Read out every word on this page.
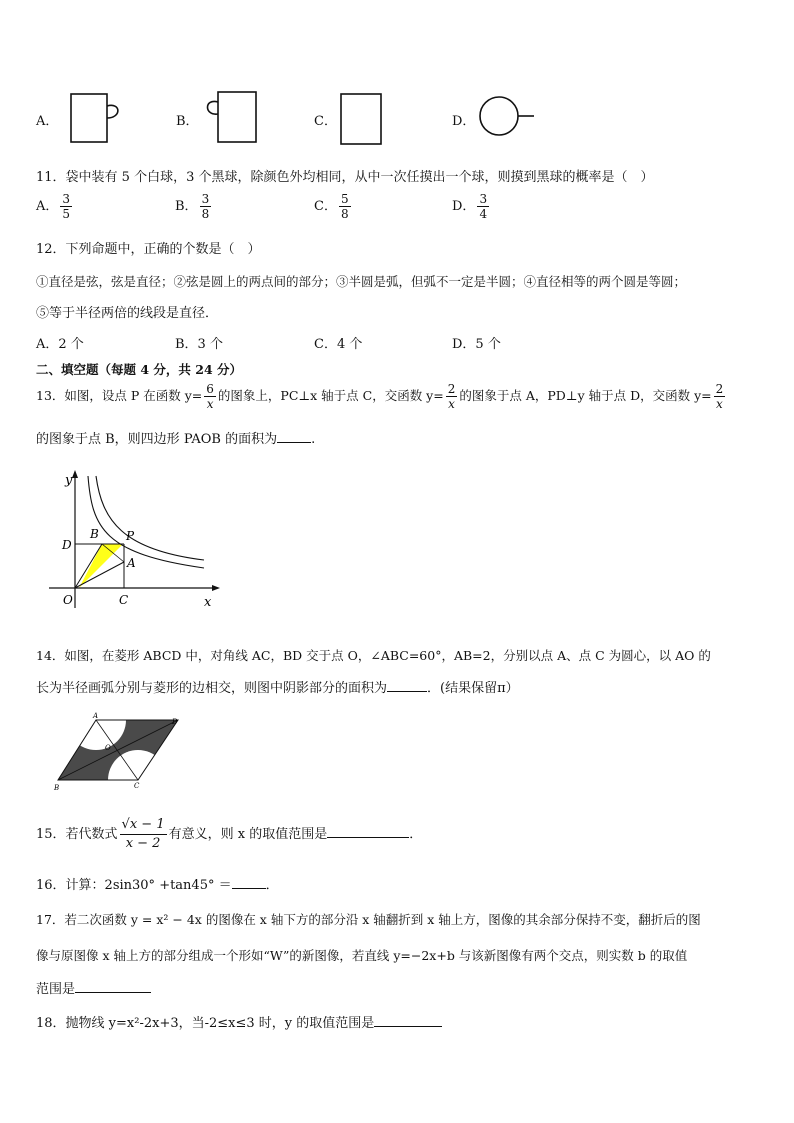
A．	B．	C．	D．
11．袋中装有 5 个白球，3 个黑球，除颜色外均相同，从中一次任摸出一个球，则摸到黑球的概率是（　）
A． $\frac{3}{5}$	B． $\frac{3}{8}$	C． $\frac{5}{8}$	D． $\frac{3}{4}$
12．下列命题中，正确的个数是（　）
①直径是弦，弦是直径；②弦是圆上的两点间的部分；③半圆是弧，但弧不一定是半圆；④直径相等的两个圆是等圆；
⑤等于半径两倍的线段是直径．
A．2 个	B．3 个	C．4 个	D．5 个
二、填空题（每题 4 分，共 24 分）
13．如图，设点 P 在函数 $y= \frac{6}{x}$ 的图象上，PC⊥x 轴于点 C，交函数 $y= \frac{2}{x}$ 的图象于点 A，PD⊥y 轴于点 D，交函数 $y= \frac{2}{x}$
的图象于点 B，则四边形 PAOB 的面积为	.
y
x
D
B P
A
O	C
14．如图，在菱形 ABCD 中，对角线 AC，BD 交于点 O，∠ABC=60°，AB=2，分别以点 A、点 C 为圆心，以 AO 的
长为半径画弧分别与菱形的边相交，则图中阴影部分的面积为	．(结果保留π）
A
D
O
B	C
15．若代数式 $\frac{√x - 1}{x - 2}$ 有意义，则 x 的取值范围是	．
16．计算：2sin30° +tan45° ＝	．
17．若二次函数 y = x² − 4x 的图像在 x 轴下方的部分沿 x 轴翻折到 x 轴上方，图像的其余部分保持不变，翻折后的图
像与原图像 x 轴上方的部分组成一个形如“W”的新图像，若直线 y=−2x+b 与该新图像有两个交点，则实数 b 的取值
范围是
18．抛物线 y=x²-2x+3，当-2≤x≤3 时，y 的取值范围是
